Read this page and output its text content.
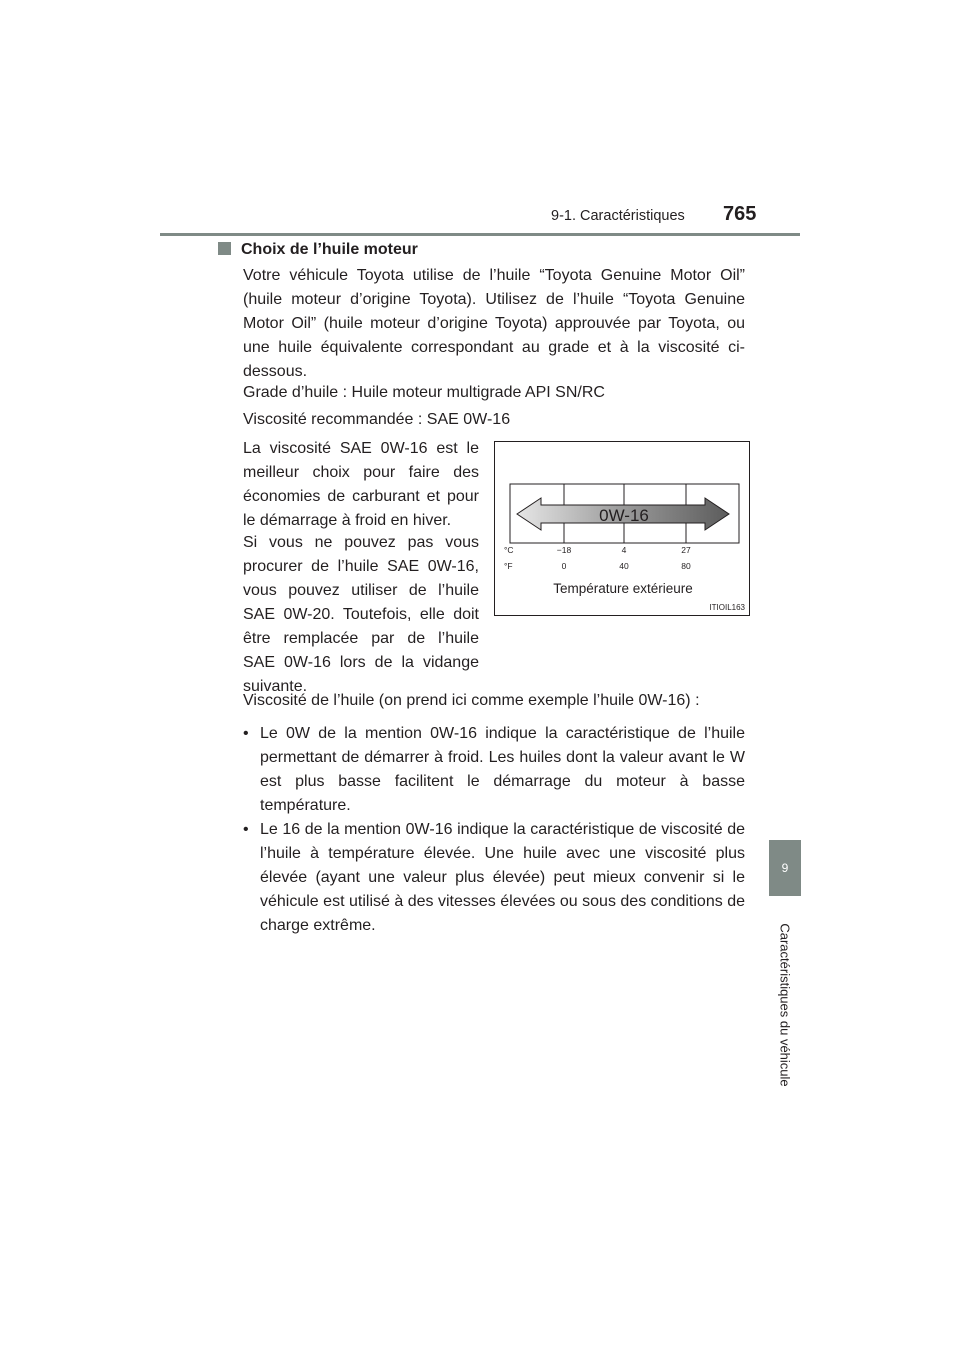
9-1. Caractéristiques 765
9
Caractéristiques du véhicule
Choix de l’huile moteur

Votre véhicule Toyota utilise de l’huile “Toyota Genuine Motor Oil” (huile moteur d’origine Toyota). Utilisez de l’huile “Toyota Genuine Motor Oil” (huile moteur d’origine Toyota) approuvée par Toyota, ou une huile équivalente correspondant au grade et à la viscosité ci-dessous.

Grade d’huile : Huile moteur multigrade API SN/RC

Viscosité recommandée : SAE 0W-16

La viscosité SAE 0W-16 est le meilleur choix pour faire des économies de carburant et pour le démarrage à froid en hiver.

Si vous ne pouvez pas vous procurer de l’huile SAE 0W-16, vous pouvez utiliser de l’huile SAE 0W-20. Toutefois, elle doit être remplacée par de l’huile SAE 0W-16 lors de la vidange suivante.

Viscosité de l’huile (on prend ici comme exemple l’huile 0W-16) :

• Le 0W de la mention 0W-16 indique la caractéristique de l’huile permettant de démarrer à froid. Les huiles dont la valeur avant le W est plus basse facilitent le démarrage du moteur à basse température.
• Le 16 de la mention 0W-16 indique la caractéristique de viscosité de l’huile à température élevée. Une huile avec une viscosité plus élevée (ayant une valeur plus élevée) peut mieux convenir si le véhicule est utilisé à des vitesses élevées ou sous des conditions de charge extrême.
0W-16
°C	−18	4	27
°F	0	40	80
Température extérieure
ITIOIL163
